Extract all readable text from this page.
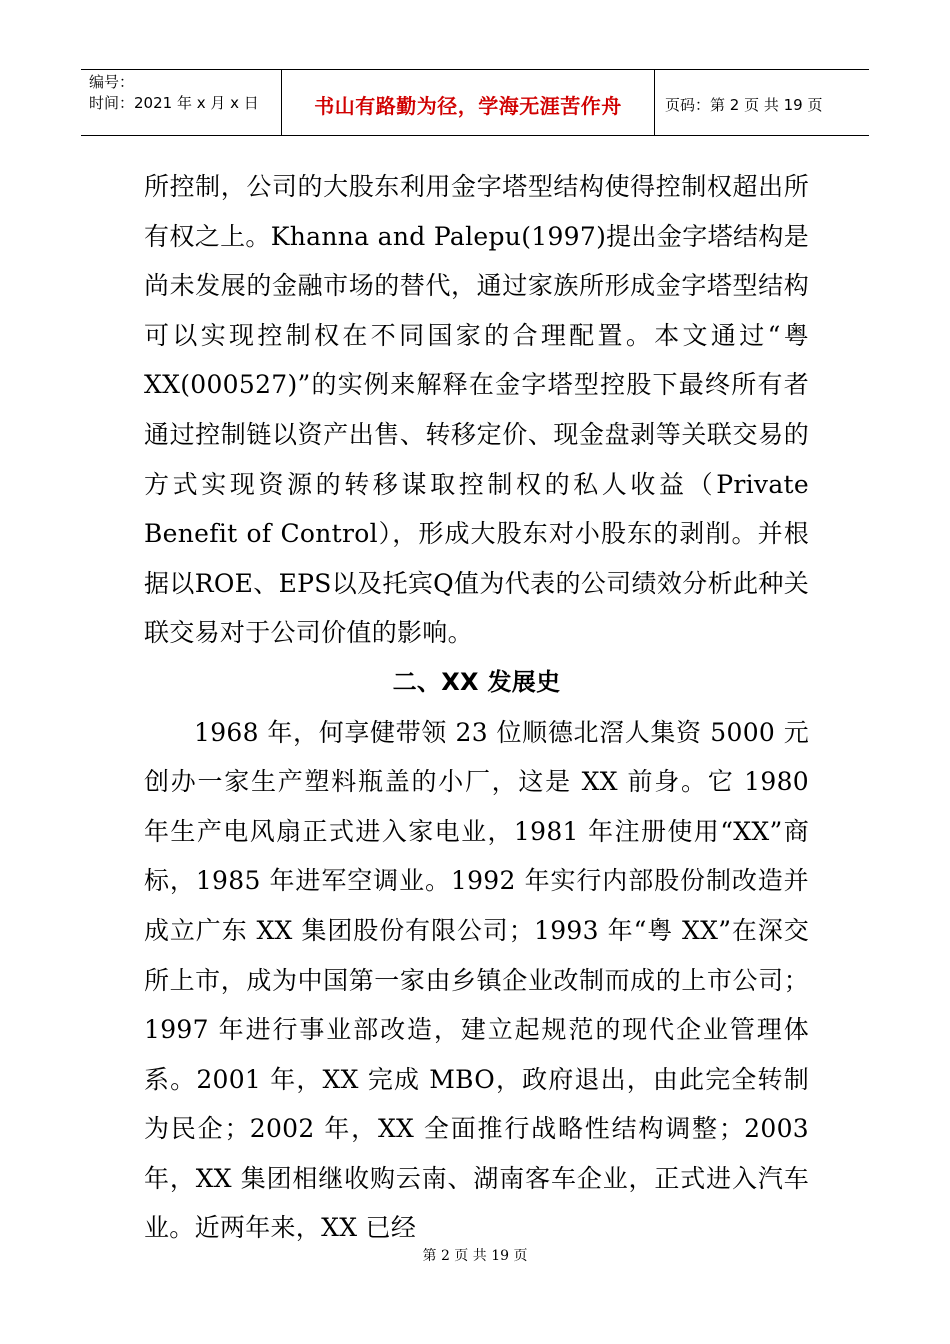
编号：
时间：2021 年 x 月 x 日	书山有路勤为径，学海无涯苦作舟	页码：第 2 页 共 19 页

所控制，公司的大股东利用金字塔型结构使得控制权超出所有权之上。Khanna and Palepu(1997)提出金字塔结构是尚未发展的金融市场的替代，通过家族所形成金字塔型结构可以实现控制权在不同国家的合理配置。本文通过“粤XX(000527)”的实例来解释在金字塔型控股下最终所有者通过控制链以资产出售、转移定价、现金盘剥等关联交易的方式实现资源的转移谋取控制权的私人收益（Private Benefit of Control），形成大股东对小股东的剥削。并根据以ROE、EPS以及托宾Q值为代表的公司绩效分析此种关联交易对于公司价值的影响。

二、XX 发展史

1968 年，何享健带领 23 位顺德北滘人集资 5000 元创办一家生产塑料瓶盖的小厂，这是 XX 前身。它 1980 年生产电风扇正式进入家电业，1981 年注册使用“XX”商标，1985 年进军空调业。1992 年实行内部股份制改造并成立广东 XX 集团股份有限公司；1993 年“粤 XX”在深交所上市，成为中国第一家由乡镇企业改制而成的上市公司；1997 年进行事业部改造，建立起规范的现代企业管理体系。2001 年，XX 完成 MBO，政府退出，由此完全转制为民企；2002 年，XX 全面推行战略性结构调整；2003 年，XX 集团相继收购云南、湖南客车企业，正式进入汽车业。近两年来，XX 已经

第 2 页 共 19 页
